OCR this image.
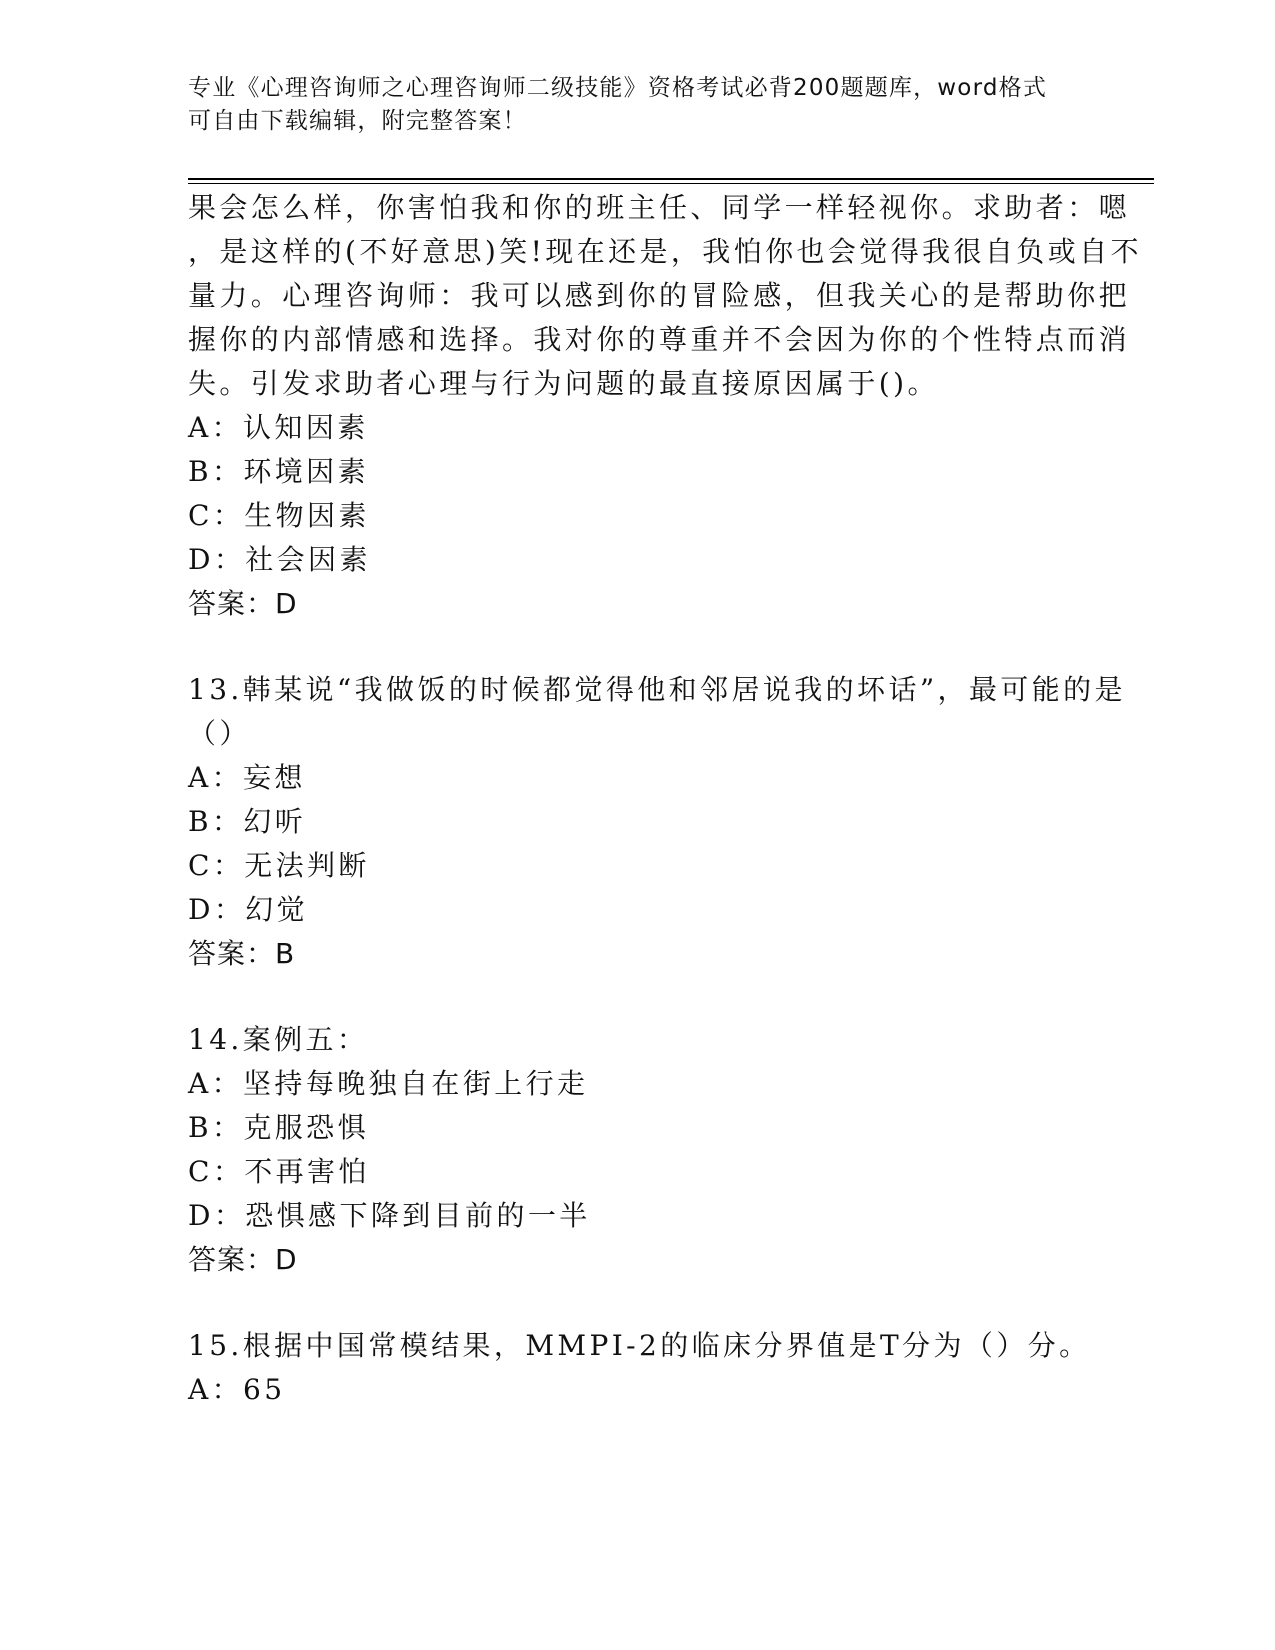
专业《心理咨询师之心理咨询师二级技能》资格考试必背200题题库，word格式
可自由下载编辑，附完整答案！
果会怎么样，你害怕我和你的班主任、同学一样轻视你。求助者：嗯
，是这样的(不好意思)笑!现在还是，我怕你也会觉得我很自负或自不
量力。心理咨询师：我可以感到你的冒险感，但我关心的是帮助你把
握你的内部情感和选择。我对你的尊重并不会因为你的个性特点而消
失。引发求助者心理与行为问题的最直接原因属于()。
A：认知因素
B：环境因素
C：生物因素
D：社会因素
答案：D
13.韩某说“我做饭的时候都觉得他和邻居说我的坏话”，最可能的是
（）
A：妄想
B：幻听
C：无法判断
D：幻觉
答案：B
14.案例五：
A：坚持每晚独自在街上行走
B：克服恐惧
C：不再害怕
D：恐惧感下降到目前的一半
答案：D
15.根据中国常模结果，MMPI-2的临床分界值是T分为（）分。
A：65
